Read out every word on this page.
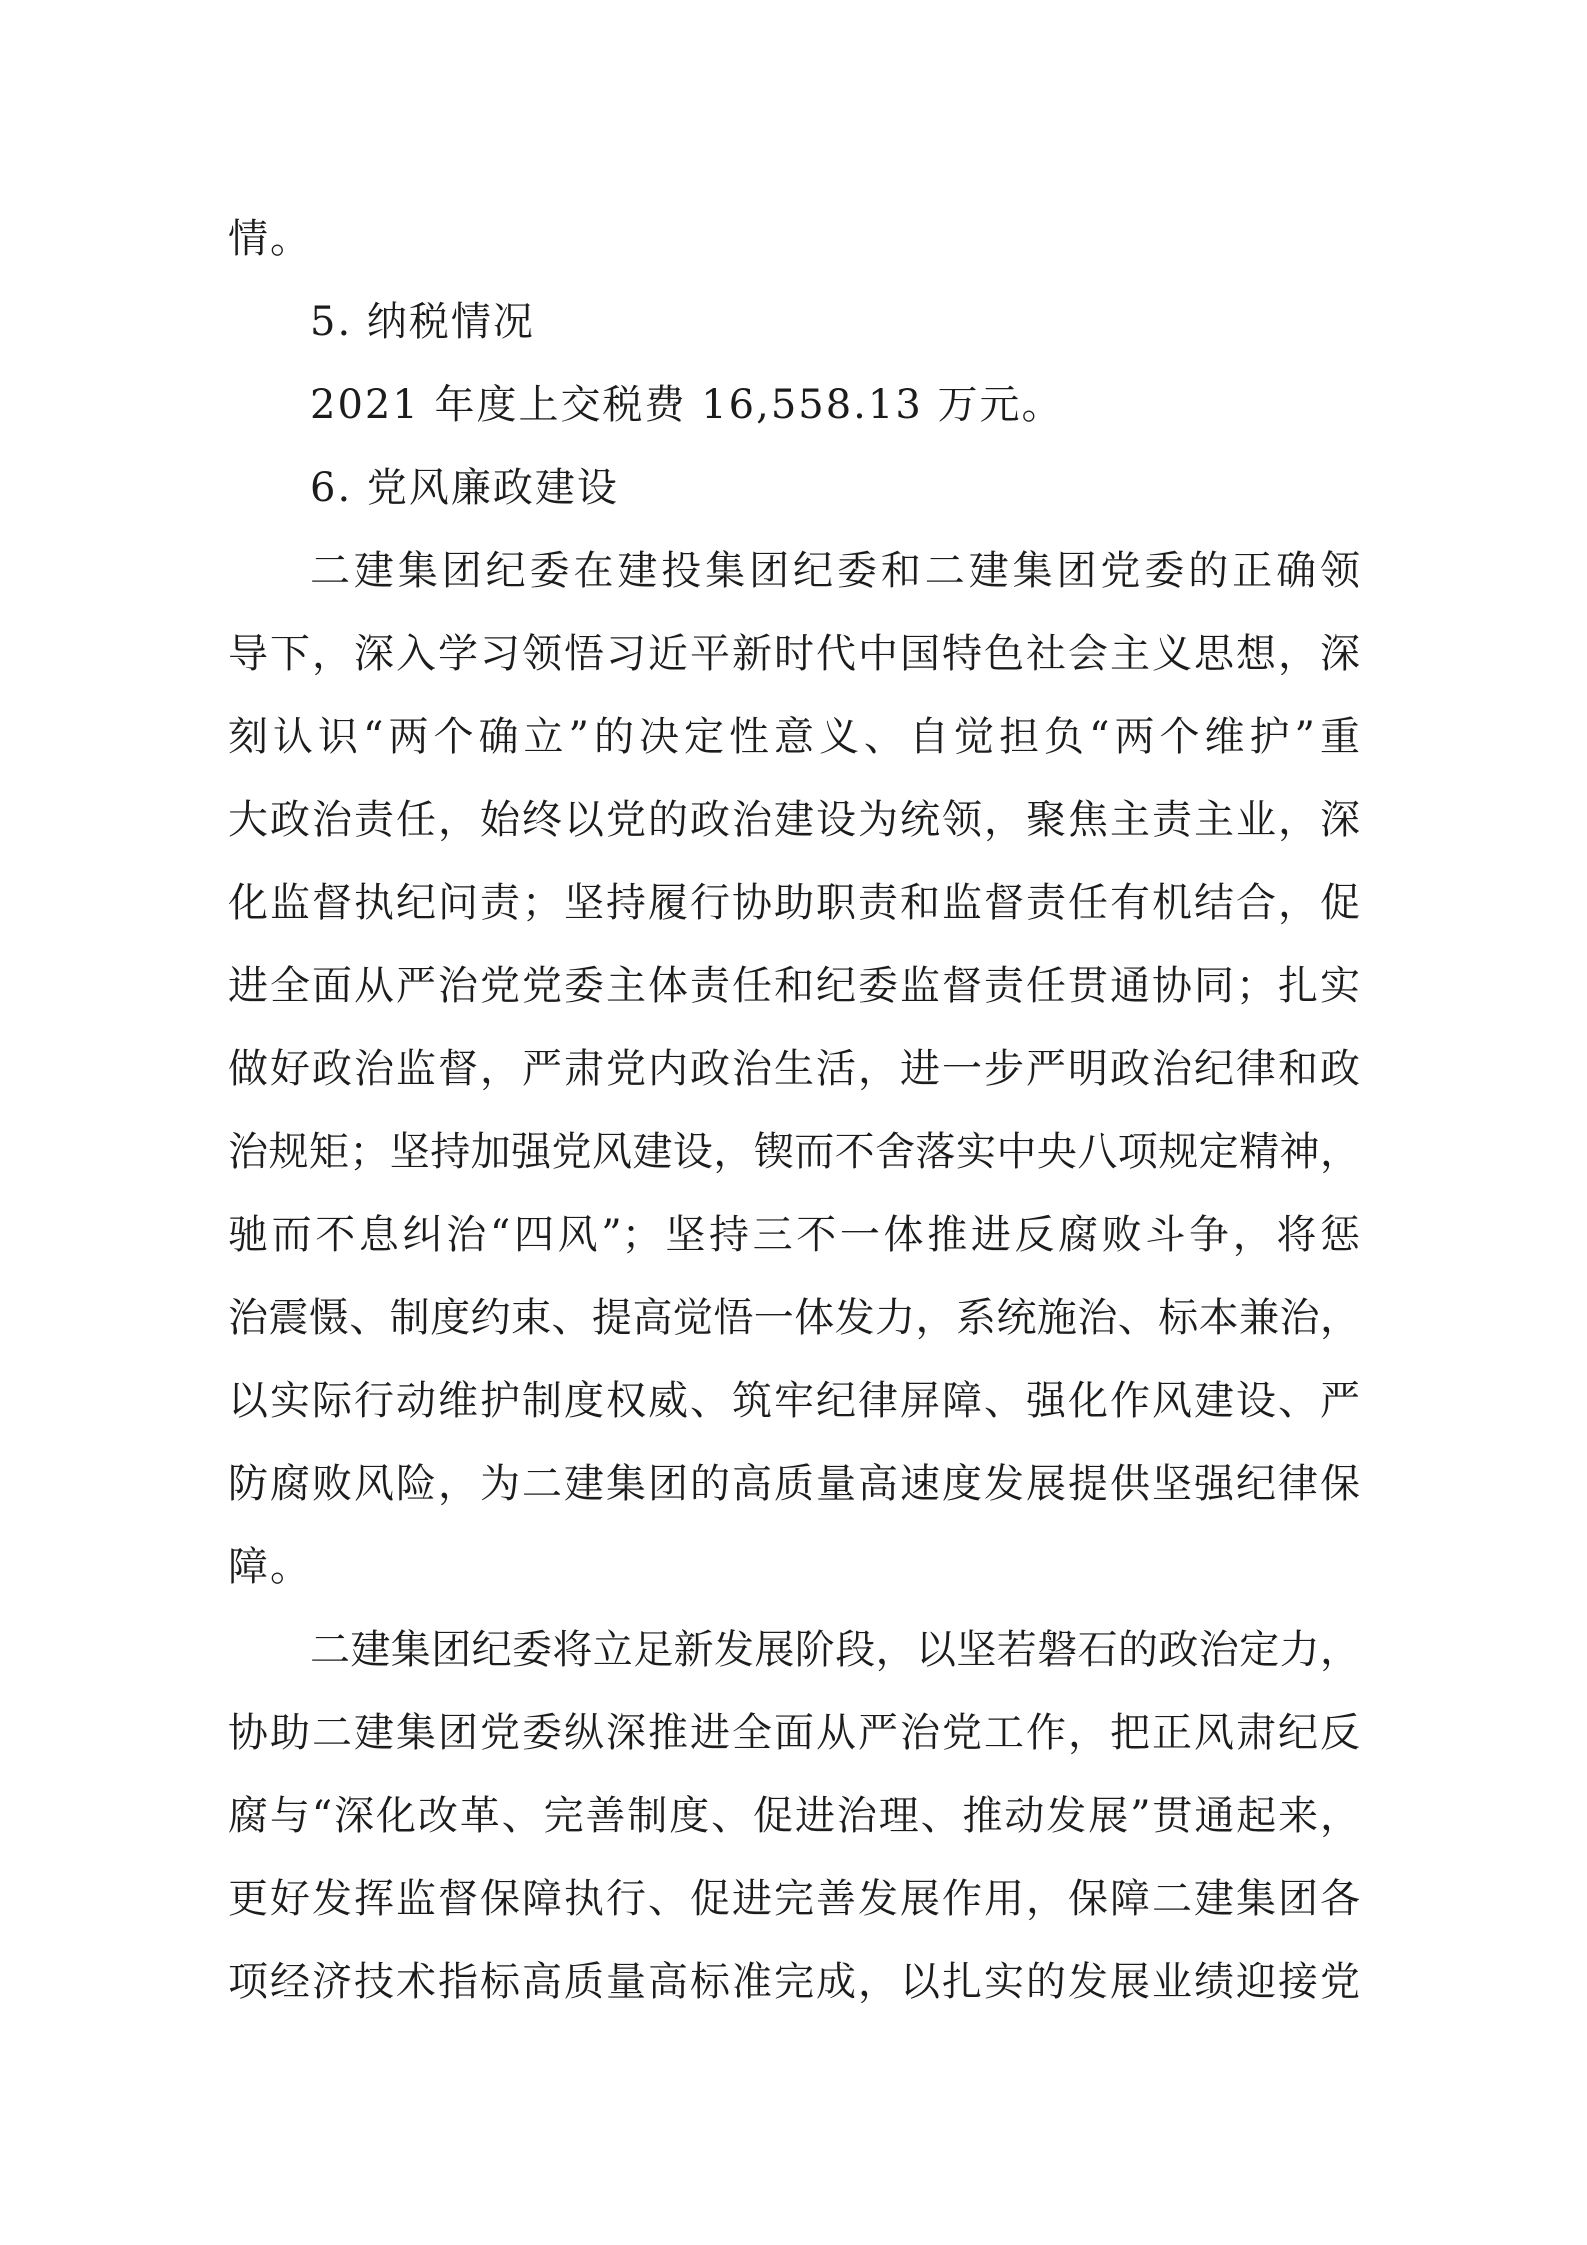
情。
5. 纳税情况
2021 年度上交税费 16,558.13 万元。
6. 党风廉政建设
二建集团纪委在建投集团纪委和二建集团党委的正确领
导下，深入学习领悟习近平新时代中国特色社会主义思想，深
刻认识“两个确立”的决定性意义、自觉担负“两个维护”重
大政治责任，始终以党的政治建设为统领，聚焦主责主业，深
化监督执纪问责；坚持履行协助职责和监督责任有机结合，促
进全面从严治党党委主体责任和纪委监督责任贯通协同；扎实
做好政治监督，严肃党内政治生活，进一步严明政治纪律和政
治规矩；坚持加强党风建设，锲而不舍落实中央八项规定精神，
驰而不息纠治“四风”；坚持三不一体推进反腐败斗争，将惩
治震慑、制度约束、提高觉悟一体发力，系统施治、标本兼治，
以实际行动维护制度权威、筑牢纪律屏障、强化作风建设、严
防腐败风险，为二建集团的高质量高速度发展提供坚强纪律保
障。
二建集团纪委将立足新发展阶段，以坚若磐石的政治定力，
协助二建集团党委纵深推进全面从严治党工作，把正风肃纪反
腐与“深化改革、完善制度、促进治理、推动发展”贯通起来，
更好发挥监督保障执行、促进完善发展作用，保障二建集团各
项经济技术指标高质量高标准完成，以扎实的发展业绩迎接党
